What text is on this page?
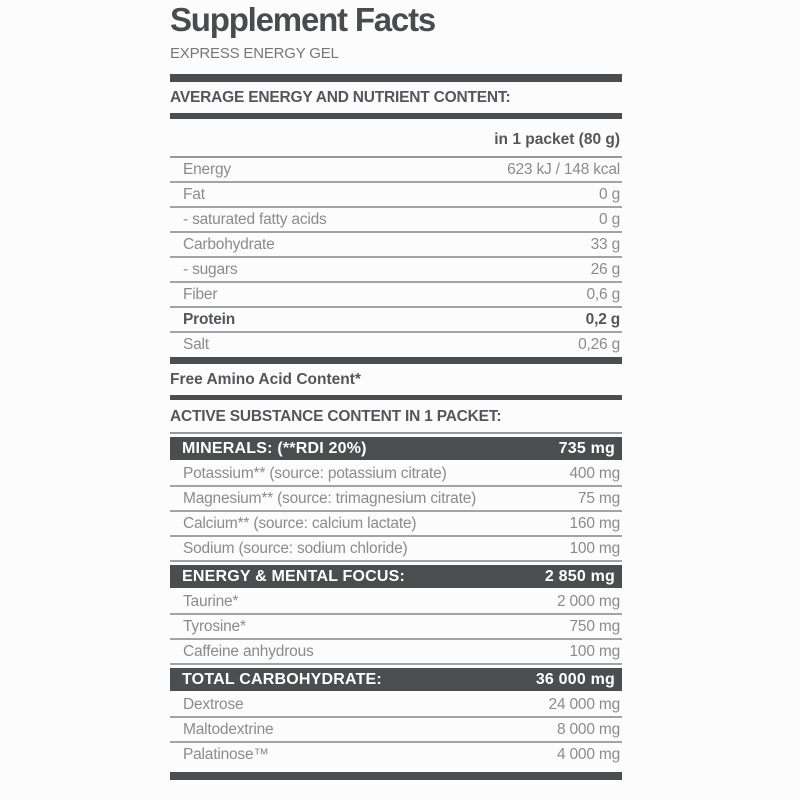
Supplement Facts
EXPRESS ENERGY GEL
AVERAGE ENERGY AND NUTRIENT CONTENT:
in 1 packet (80 g)
Energy	623 kJ / 148 kcal
Fat	0 g
- saturated fatty acids	0 g
Carbohydrate	33 g
- sugars	26 g
Fiber	0,6 g
Protein	0,2 g
Salt	0,26 g
Free Amino Acid Content*
ACTIVE SUBSTANCE CONTENT IN 1 PACKET:
MINERALS: (**RDI 20%)	735 mg
Potassium** (source: potassium citrate)	400 mg
Magnesium** (source: trimagnesium citrate)	75 mg
Calcium** (source: calcium lactate)	160 mg
Sodium (source: sodium chloride)	100 mg
ENERGY & MENTAL FOCUS:	2 850 mg
Taurine*	2 000 mg
Tyrosine*	750 mg
Caffeine anhydrous	100 mg
TOTAL CARBOHYDRATE:	36 000 mg
Dextrose	24 000 mg
Maltodextrine	8 000 mg
Palatinose™	4 000 mg
